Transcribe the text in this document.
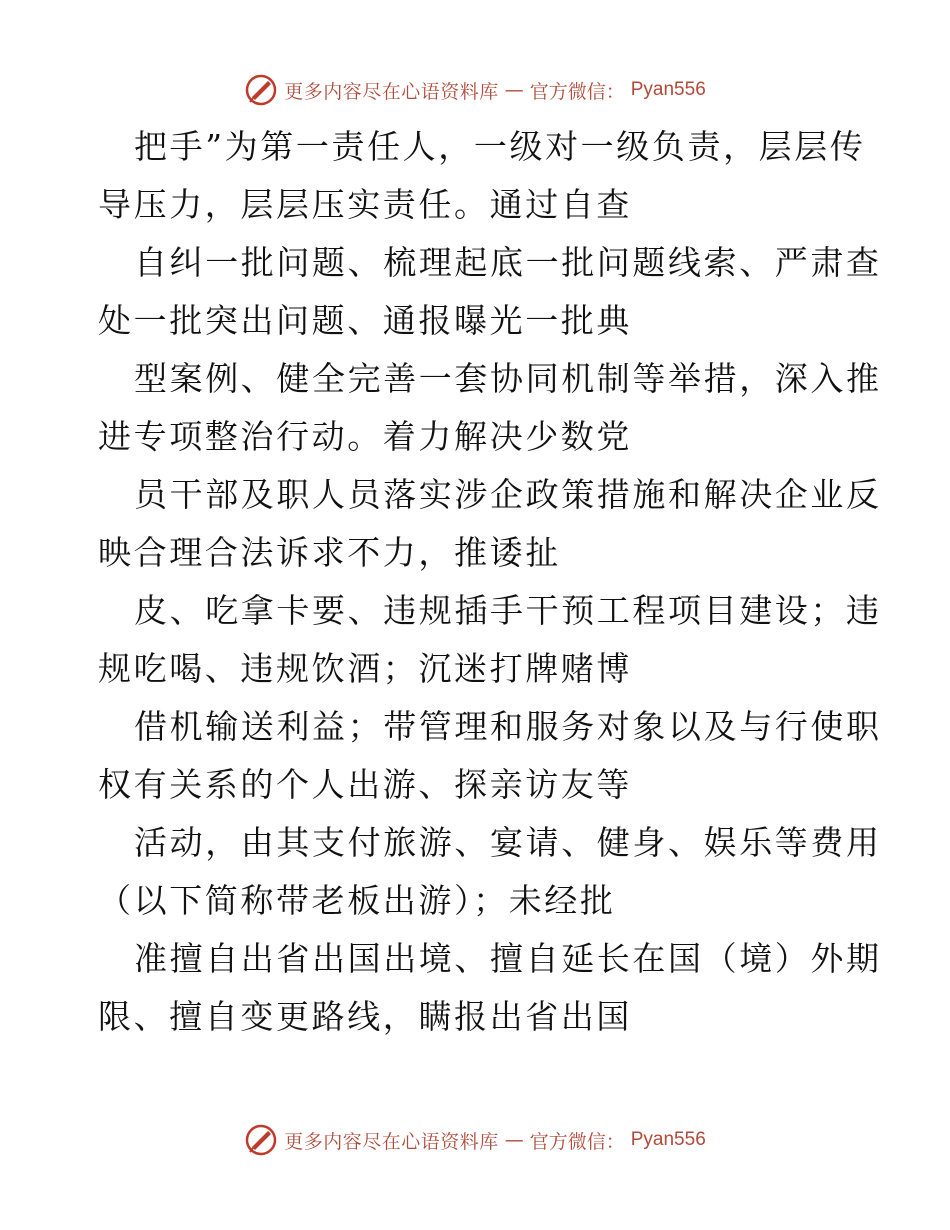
更多内容尽在心语资料库 — 官方微信： Pyan556
把手”为第一责任人，一级对一级负责，层层传
导压力，层层压实责任。通过自查
自纠一批问题、梳理起底一批问题线索、严肃查
处一批突出问题、通报曝光一批典
型案例、健全完善一套协同机制等举措，深入推
进专项整治行动。着力解决少数党
员干部及职人员落实涉企政策措施和解决企业反
映合理合法诉求不力，推诿扯
皮、吃拿卡要、违规插手干预工程项目建设；违
规吃喝、违规饮酒；沉迷打牌赌博
借机输送利益；带管理和服务对象以及与行使职
权有关系的个人出游、探亲访友等
活动，由其支付旅游、宴请、健身、娱乐等费用
（以下简称带老板出游）；未经批
准擅自出省出国出境、擅自延长在国（境）外期
限、擅自变更路线，瞒报出省出国
更多内容尽在心语资料库 — 官方微信： Pyan556
